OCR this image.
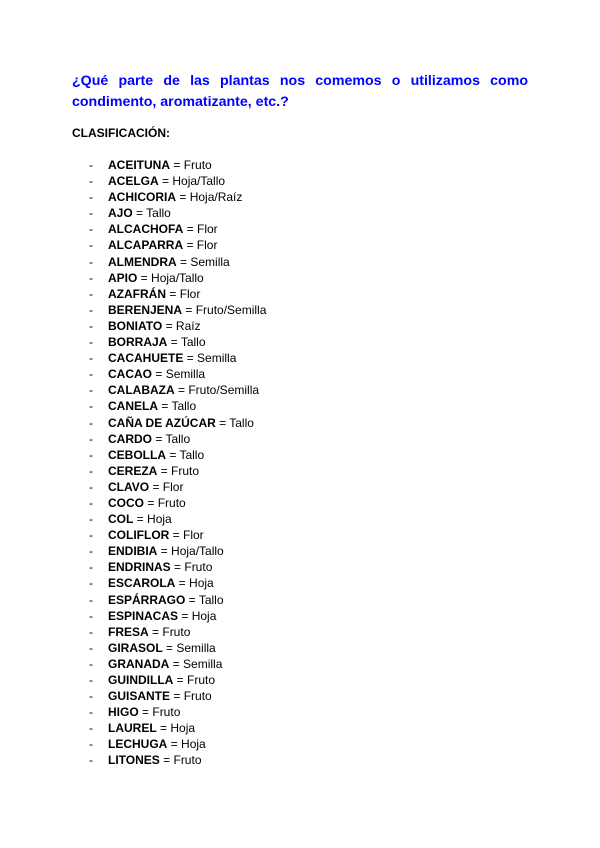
¿Qué parte de las plantas nos comemos o utilizamos como condimento, aromatizante, etc.?

CLASIFICACIÓN:

- ACEITUNA = Fruto
- ACELGA = Hoja/Tallo
- ACHICORIA = Hoja/Raíz
- AJO = Tallo
- ALCACHOFA = Flor
- ALCAPARRA = Flor
- ALMENDRA = Semilla
- APIO = Hoja/Tallo
- AZAFRÁN = Flor
- BERENJENA = Fruto/Semilla
- BONIATO = Raíz
- BORRAJA = Tallo
- CACAHUETE = Semilla
- CACAO = Semilla
- CALABAZA = Fruto/Semilla
- CANELA = Tallo
- CAÑA DE AZÚCAR = Tallo
- CARDO = Tallo
- CEBOLLA = Tallo
- CEREZA = Fruto
- CLAVO = Flor
- COCO = Fruto
- COL = Hoja
- COLIFLOR = Flor
- ENDIBIA = Hoja/Tallo
- ENDRINAS = Fruto
- ESCAROLA = Hoja
- ESPÁRRAGO = Tallo
- ESPINACAS = Hoja
- FRESA = Fruto
- GIRASOL = Semilla
- GRANADA = Semilla
- GUINDILLA = Fruto
- GUISANTE = Fruto
- HIGO = Fruto
- LAUREL = Hoja
- LECHUGA = Hoja
- LITONES = Fruto
